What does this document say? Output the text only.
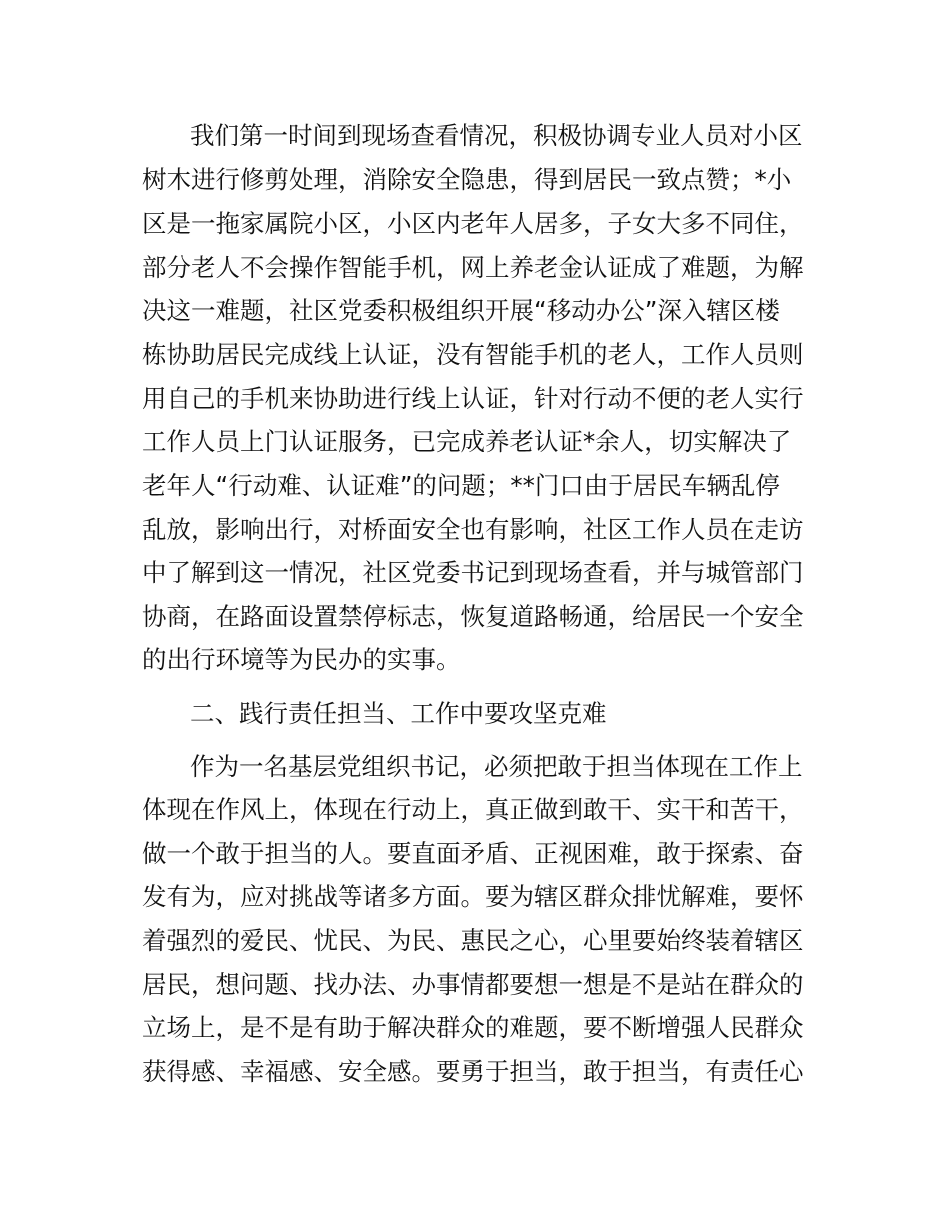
我们第一时间到现场查看情况，积极协调专业人员对小区
树木进行修剪处理，消除安全隐患，得到居民一致点赞；*小
区是一拖家属院小区，小区内老年人居多，子女大多不同住，
部分老人不会操作智能手机，网上养老金认证成了难题，为解
决这一难题，社区党委积极组织开展“移动办公”深入辖区楼
栋协助居民完成线上认证，没有智能手机的老人，工作人员则
用自己的手机来协助进行线上认证，针对行动不便的老人实行
工作人员上门认证服务，已完成养老认证*余人，切实解决了
老年人“行动难、认证难”的问题；**门口由于居民车辆乱停
乱放，影响出行，对桥面安全也有影响，社区工作人员在走访
中了解到这一情况，社区党委书记到现场查看，并与城管部门
协商，在路面设置禁停标志，恢复道路畅通，给居民一个安全
的出行环境等为民办的实事。
二、践行责任担当、工作中要攻坚克难
作为一名基层党组织书记，必须把敢于担当体现在工作上
体现在作风上，体现在行动上，真正做到敢干、实干和苦干，
做一个敢于担当的人。要直面矛盾、正视困难，敢于探索、奋
发有为，应对挑战等诸多方面。要为辖区群众排忧解难，要怀
着强烈的爱民、忧民、为民、惠民之心，心里要始终装着辖区
居民，想问题、找办法、办事情都要想一想是不是站在群众的
立场上，是不是有助于解决群众的难题，要不断增强人民群众
获得感、幸福感、安全感。要勇于担当，敢于担当，有责任心
